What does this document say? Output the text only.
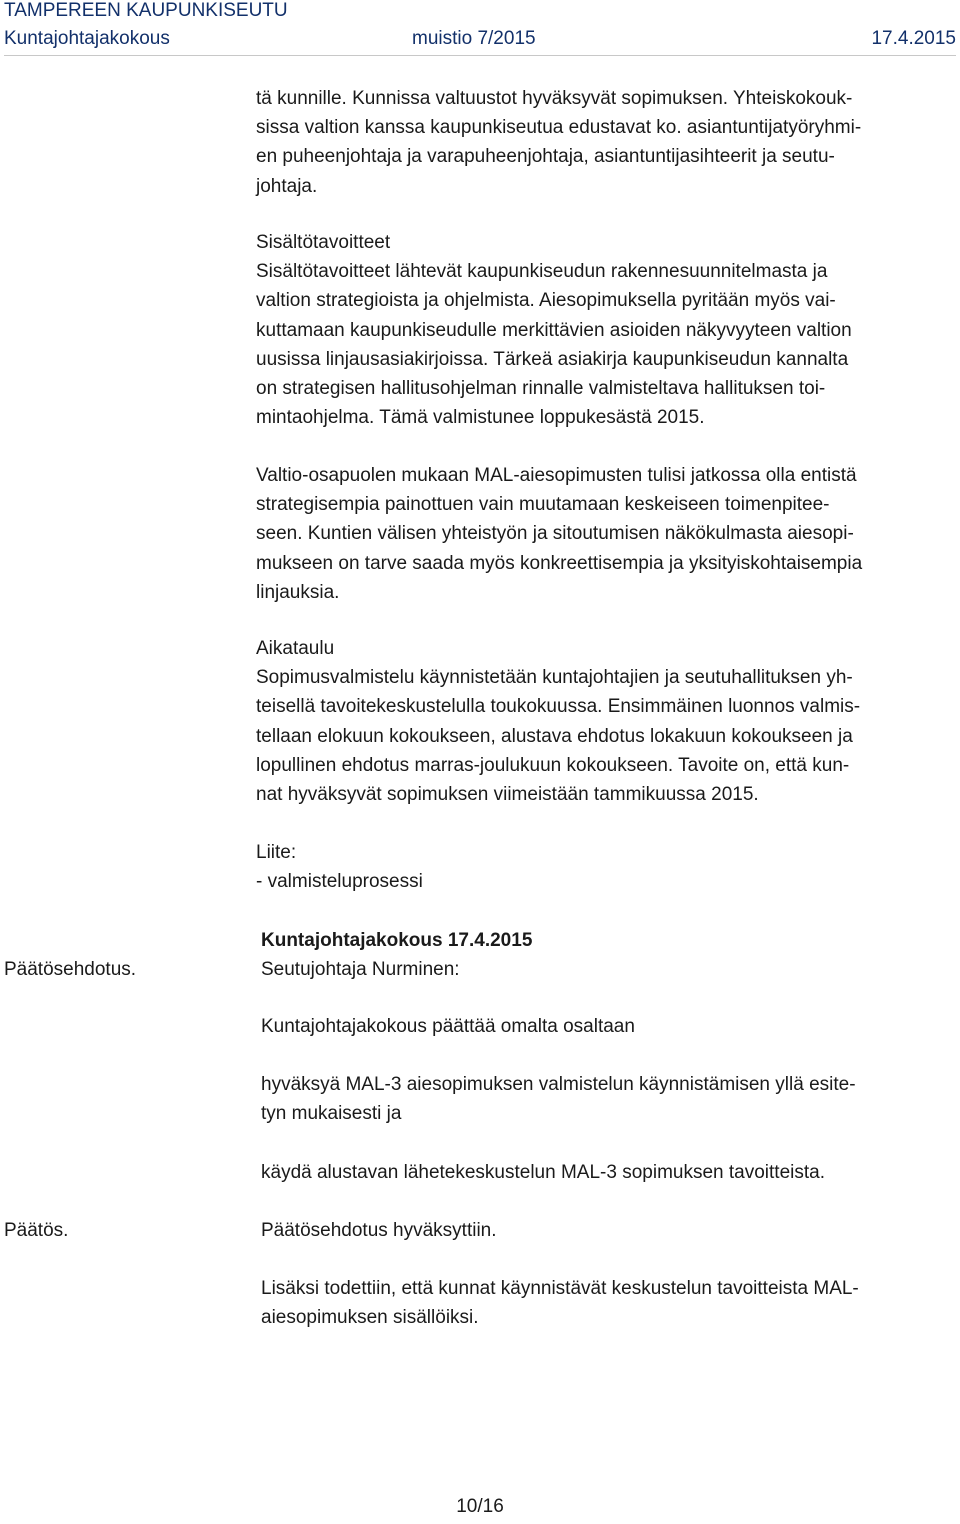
TAMPEREEN KAUPUNKISEUTU
Kuntajohtajakokous	muistio 7/2015	17.4.2015
tä kunnille. Kunnissa valtuustot hyväksyvät sopimuksen. Yhteiskokouk-
sissa valtion kanssa kaupunkiseutua edustavat ko. asiantuntijatyöryhmi-
en puheenjohtaja ja varapuheenjohtaja, asiantuntijasihteerit ja seutu-
johtaja.
Sisältötavoitteet
Sisältötavoitteet lähtevät kaupunkiseudun rakennesuunnitelmasta ja
valtion strategioista ja ohjelmista. Aiesopimuksella pyritään myös vai-
kuttamaan kaupunkiseudulle merkittävien asioiden näkyvyyteen valtion
uusissa linjausasiakirjoissa. Tärkeä asiakirja kaupunkiseudun kannalta
on strategisen hallitusohjelman rinnalle valmisteltava hallituksen toi-
mintaohjelma. Tämä valmistunee loppukesästä 2015.
Valtio-osapuolen mukaan MAL-aiesopimusten tulisi jatkossa olla entistä
strategisempia painottuen vain muutamaan keskeiseen toimenpitee-
seen. Kuntien välisen yhteistyön ja sitoutumisen näkökulmasta aiesopi-
mukseen on tarve saada myös konkreettisempia ja yksityiskohtaisempia
linjauksia.
Aikataulu
Sopimusvalmistelu käynnistetään kuntajohtajien ja seutuhallituksen yh-
teisellä tavoitekeskustelulla toukokuussa. Ensimmäinen luonnos valmis-
tellaan elokuun kokoukseen, alustava ehdotus lokakuun kokoukseen ja
lopullinen ehdotus marras-joulukuun kokoukseen. Tavoite on, että kun-
nat hyväksyvät sopimuksen viimeistään tammikuussa 2015.
Liite:
- valmisteluprosessi
Päätösehdotus.
Kuntajohtajakokous 17.4.2015
Seutujohtaja Nurminen:
Kuntajohtajakokous päättää omalta osaltaan
hyväksyä MAL-3 aiesopimuksen valmistelun käynnistämisen yllä esite-
tyn mukaisesti ja
käydä alustavan lähetekeskustelun MAL-3 sopimuksen tavoitteista.
Päätös.	Päätösehdotus hyväksyttiin.
Lisäksi todettiin, että kunnat käynnistävät keskustelun tavoitteista MAL-
aiesopimuksen sisällöiksi.
10/16
